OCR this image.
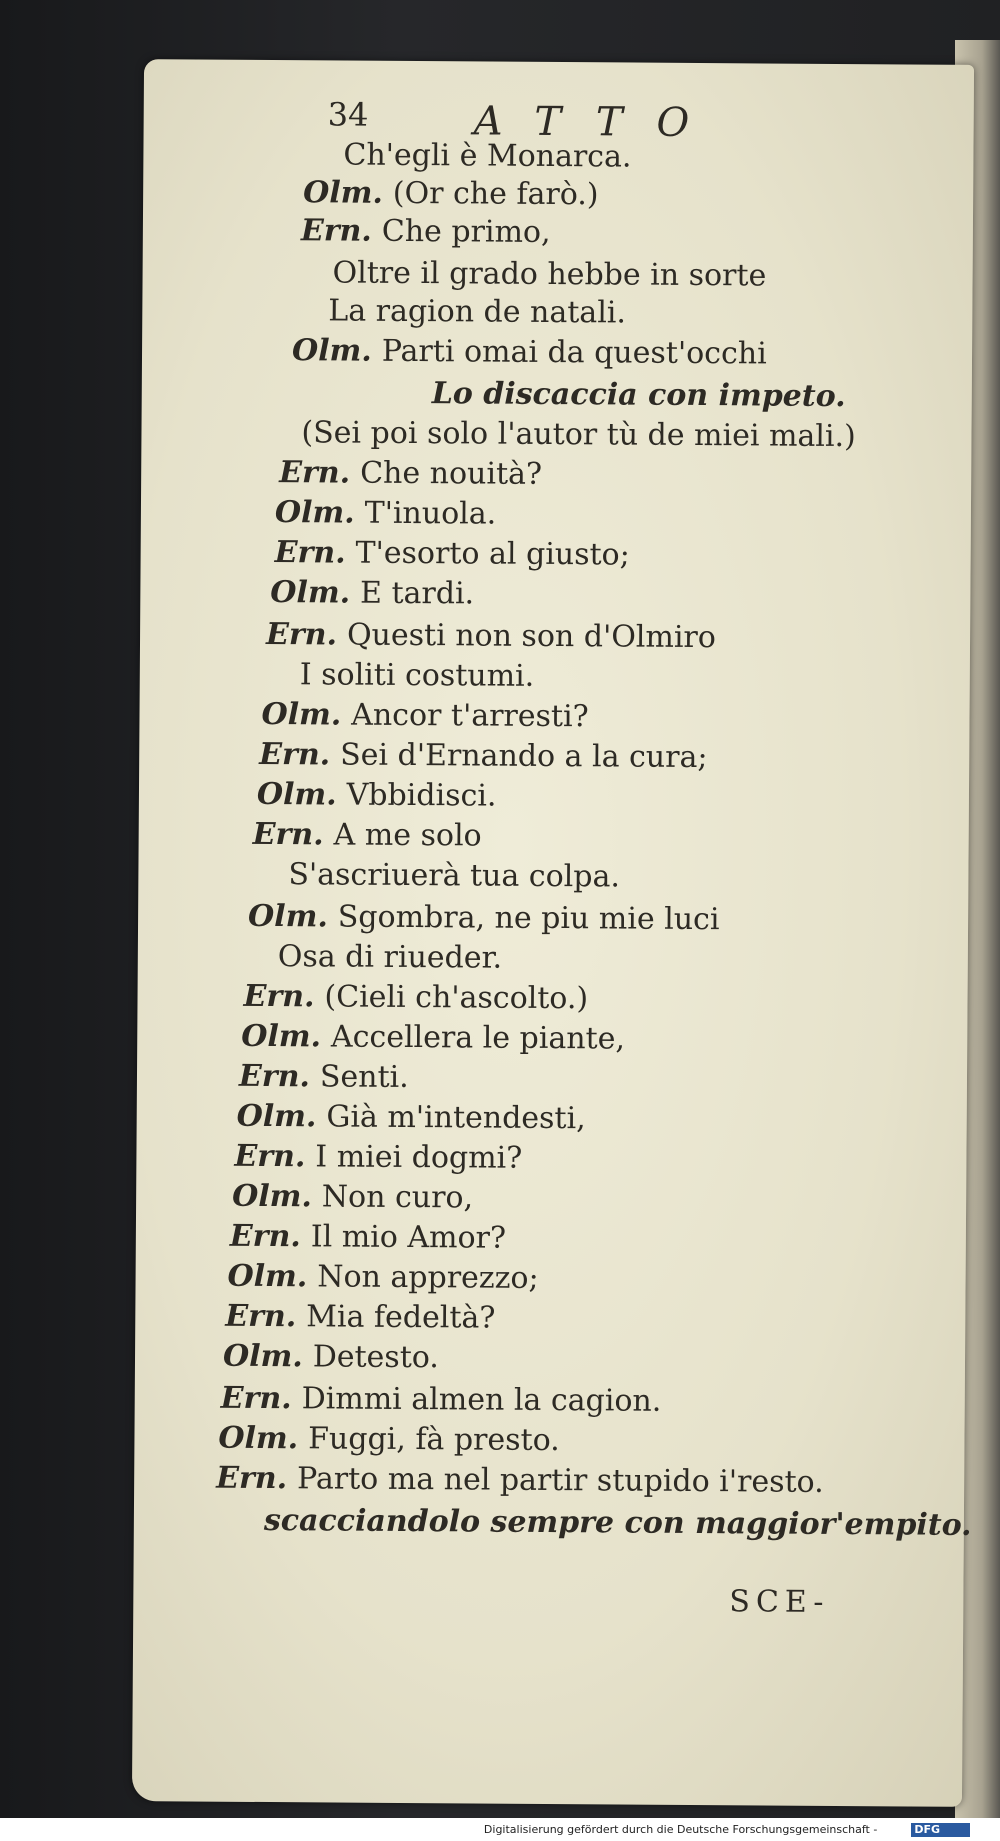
34	ATTO
Ch'egli è Monarca.
Olm. (Or che farò.)
Ern. Che primo,
Oltre il grado hebbe in sorte
La ragion de natali.
Olm. Parti omai da quest'occhi
Lo discaccia con impeto.
(Sei poi solo l'autor tù de miei mali.)
Ern. Che nouità?
Olm. T'inuola.
Ern. T'esorto al giusto;
Olm. E tardi.
Ern. Questi non son d'Olmiro
I soliti costumi.
Olm. Ancor t'arresti?
Ern. Sei d'Ernando a la cura;
Olm. Vbbidisci.
Ern. A me solo
S'ascriuerà tua colpa.
Olm. Sgombra, ne piu mie luci
Osa di riueder.
Ern. (Cieli ch'ascolto.)
Olm. Accellera le piante,
Ern. Senti.
Olm. Già m'intendesti,
Ern. I miei dogmi?
Olm. Non curo,
Ern. Il mio Amor?
Olm. Non apprezzo;
Ern. Mia fedeltà?
Olm. Detesto.
Ern. Dimmi almen la cagion.
Olm. Fuggi, fà presto.
Ern. Parto ma nel partir stupido i'resto.
scacciandolo sempre con maggior'empito.
SCE-
Digitalisierung gefördert durch die Deutsche Forschungsgemeinschaft -	DFG
